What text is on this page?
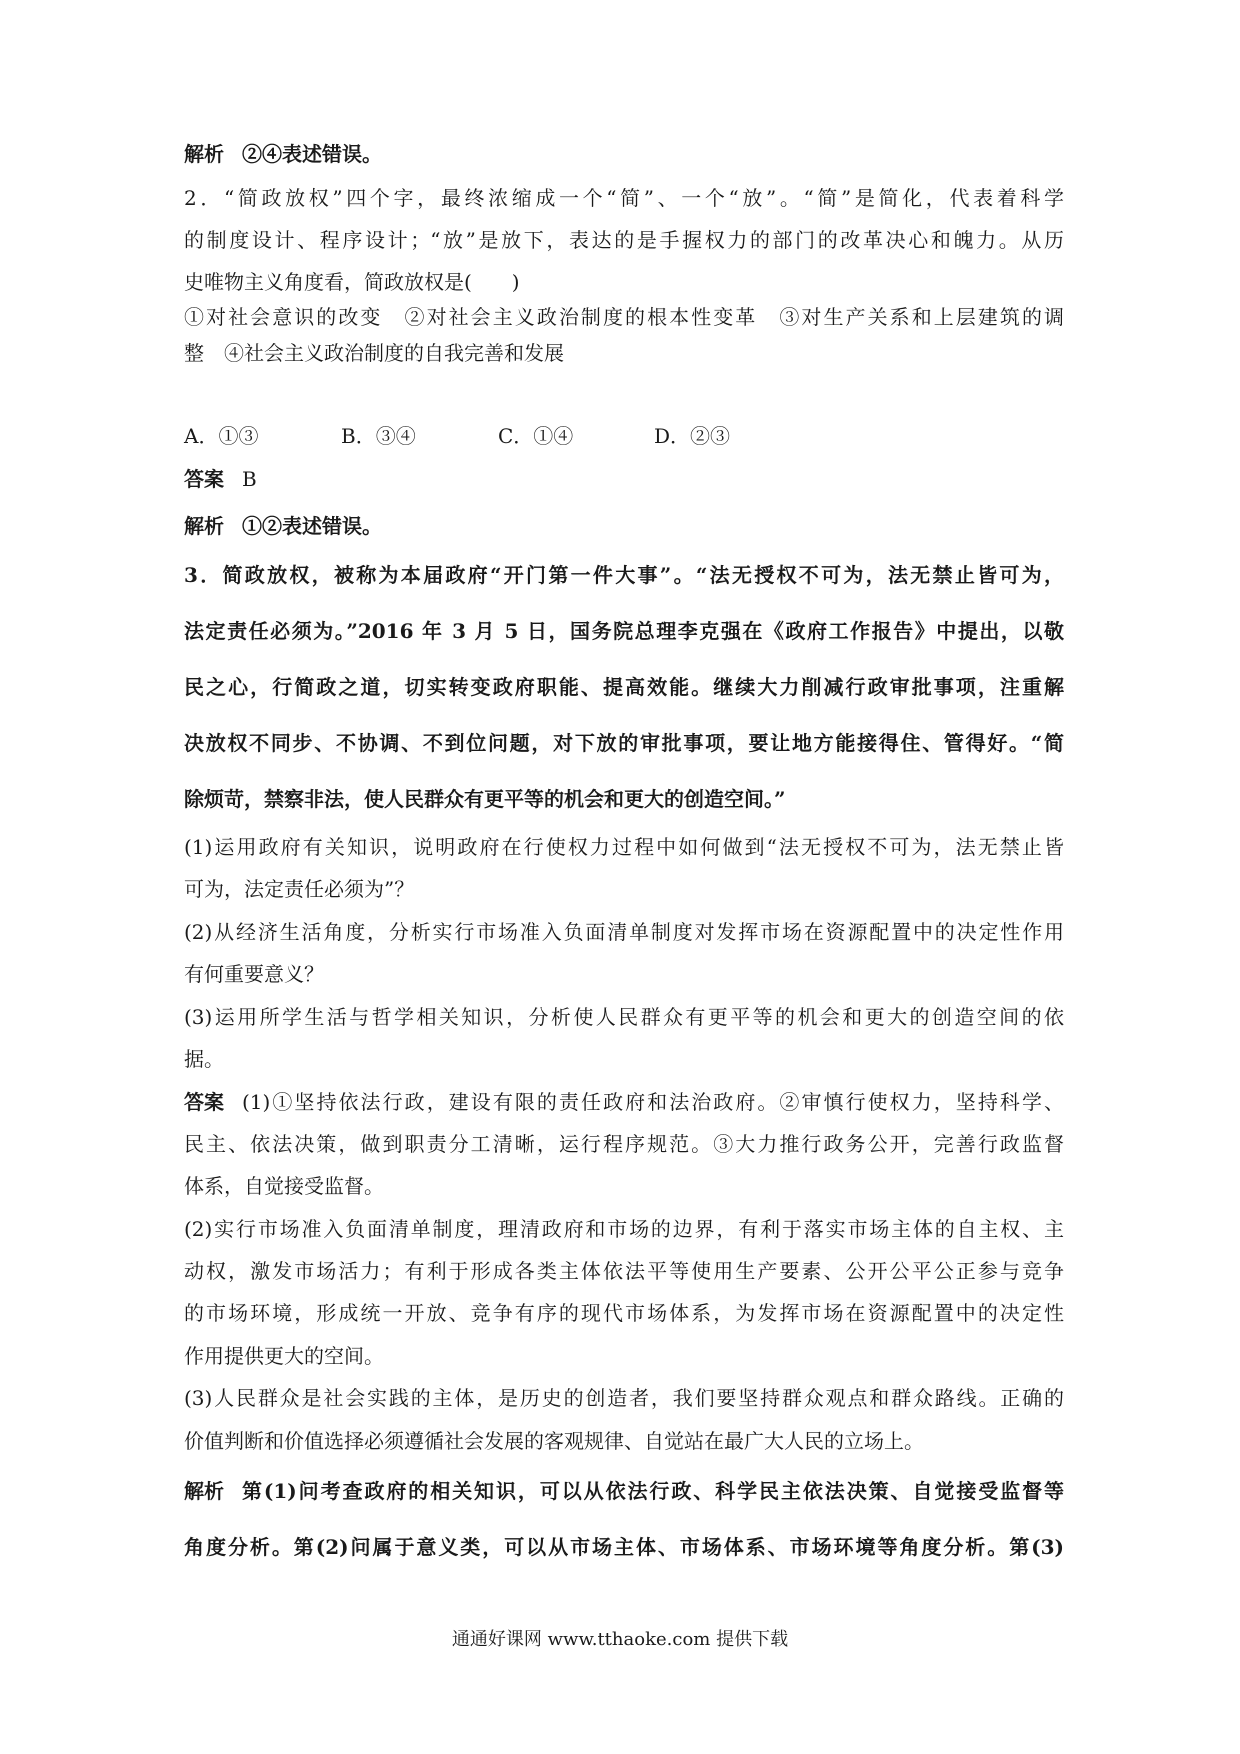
解析 ②④表述错误。
2．“简政放权”四个字，最终浓缩成一个“简”、一个“放”。“简”是简化，代表着科学
的制度设计、程序设计；“放”是放下，表达的是手握权力的部门的改革决心和魄力。从历
史唯物主义角度看，简政放权是(　　)
①对社会意识的改变　②对社会主义政治制度的根本性变革　③对生产关系和上层建筑的调
整　④社会主义政治制度的自我完善和发展
A．①③	B．③④	C．①④	D．②③
答案 B
解析 ①②表述错误。
3．简政放权，被称为本届政府“开门第一件大事”。“法无授权不可为，法无禁止皆可为，
法定责任必须为。”2016 年 3 月 5 日，国务院总理李克强在《政府工作报告》中提出，以敬
民之心，行简政之道，切实转变政府职能、提高效能。继续大力削减行政审批事项，注重解
决放权不同步、不协调、不到位问题，对下放的审批事项，要让地方能接得住、管得好。“简
除烦苛，禁察非法，使人民群众有更平等的机会和更大的创造空间。”
(1)运用政府有关知识，说明政府在行使权力过程中如何做到“法无授权不可为，法无禁止皆
可为，法定责任必须为”？
(2)从经济生活角度，分析实行市场准入负面清单制度对发挥市场在资源配置中的决定性作用
有何重要意义？
(3)运用所学生活与哲学相关知识，分析使人民群众有更平等的机会和更大的创造空间的依
据。
答案 (1)①坚持依法行政，建设有限的责任政府和法治政府。②审慎行使权力，坚持科学、
民主、依法决策，做到职责分工清晰，运行程序规范。③大力推行政务公开，完善行政监督
体系，自觉接受监督。
(2)实行市场准入负面清单制度，理清政府和市场的边界，有利于落实市场主体的自主权、主
动权，激发市场活力；有利于形成各类主体依法平等使用生产要素、公开公平公正参与竞争
的市场环境，形成统一开放、竞争有序的现代市场体系，为发挥市场在资源配置中的决定性
作用提供更大的空间。
(3)人民群众是社会实践的主体，是历史的创造者，我们要坚持群众观点和群众路线。正确的
价值判断和价值选择必须遵循社会发展的客观规律、自觉站在最广大人民的立场上。
解析 第(1)问考查政府的相关知识，可以从依法行政、科学民主依法决策、自觉接受监督等
角度分析。第(2)问属于意义类，可以从市场主体、市场体系、市场环境等角度分析。第(3)
通通好课网 www.tthaoke.com 提供下载
